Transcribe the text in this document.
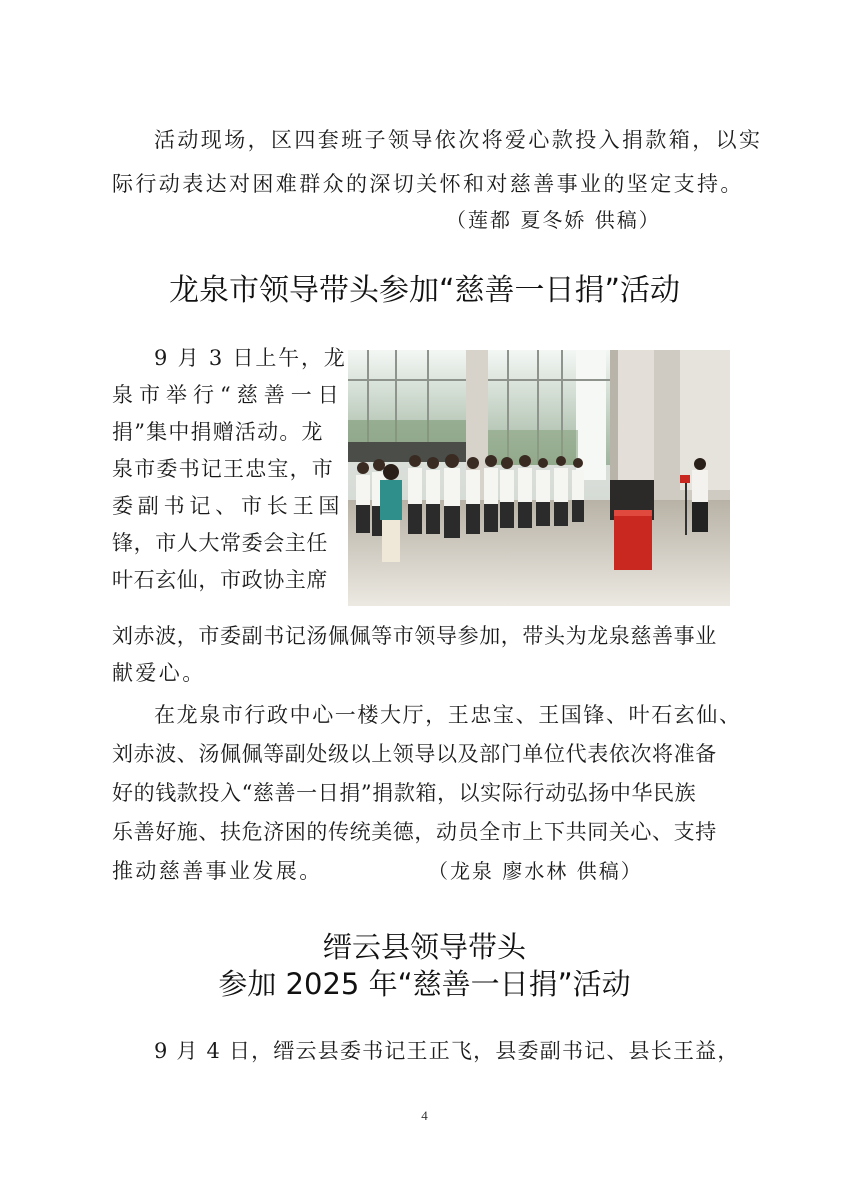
活动现场，区四套班子领导依次将爱心款投入捐款箱，以实
际行动表达对困难群众的深切关怀和对慈善事业的坚定支持。
（莲都 夏冬娇 供稿）
龙泉市领导带头参加“慈善一日捐”活动
9 月 3 日上午，龙
泉市举行“慈善一日
捐”集中捐赠活动。龙
泉市委书记王忠宝，市
委副书记、市长王国
锋，市人大常委会主任
叶石玄仙，市政协主席
刘赤波，市委副书记汤佩佩等市领导参加，带头为龙泉慈善事业
献爱心。
在龙泉市行政中心一楼大厅，王忠宝、王国锋、叶石玄仙、
刘赤波、汤佩佩等副处级以上领导以及部门单位代表依次将准备
好的钱款投入“慈善一日捐”捐款箱，以实际行动弘扬中华民族
乐善好施、扶危济困的传统美德，动员全市上下共同关心、支持
推动慈善事业发展。	（龙泉 廖水林 供稿）
缙云县领导带头
参加 2025 年“慈善一日捐”活动
9 月 4 日，缙云县委书记王正飞，县委副书记、县长王益，
4
